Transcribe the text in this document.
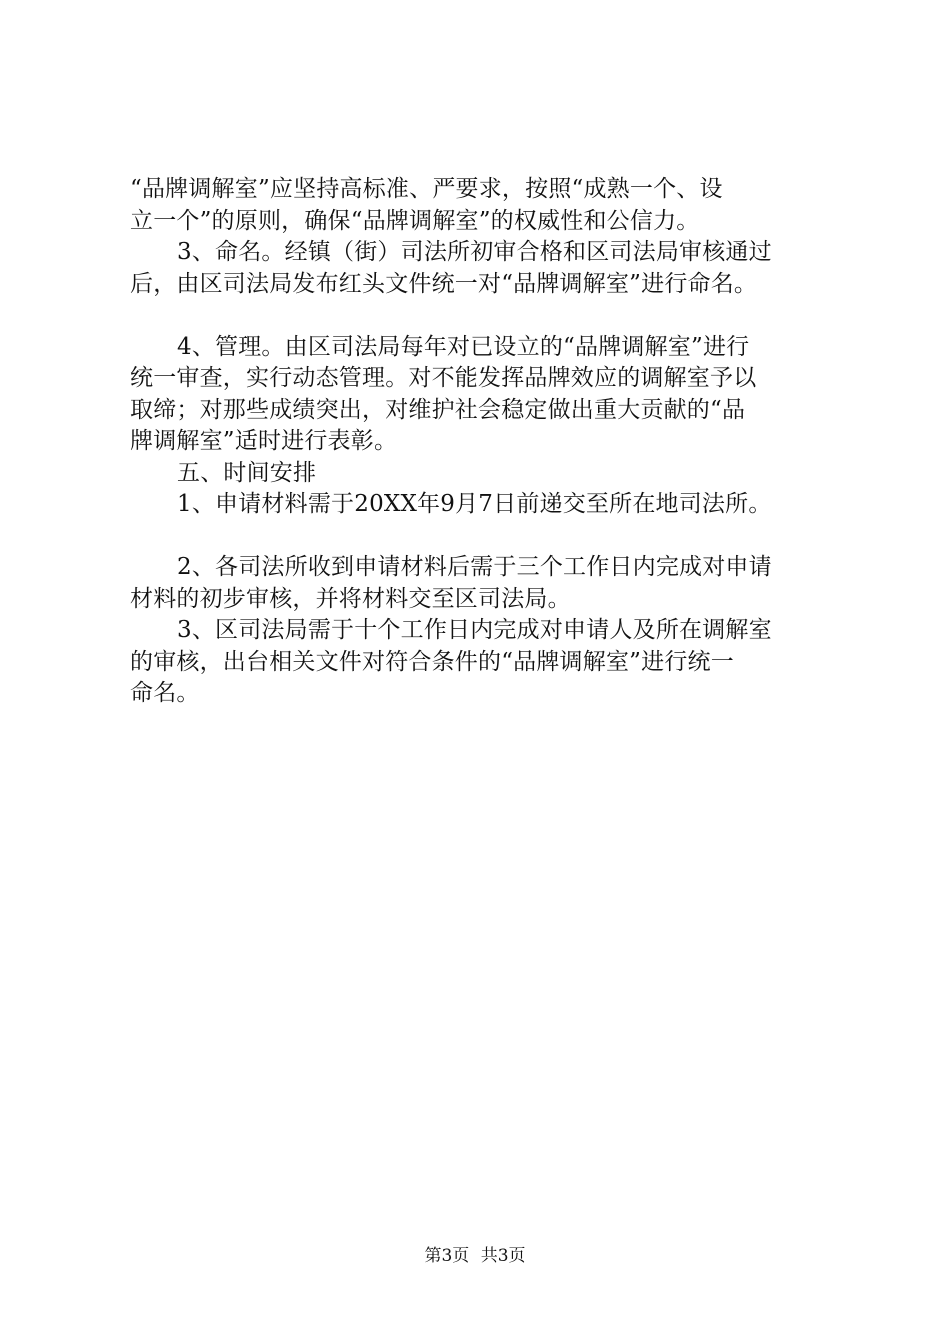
“品牌调解室”应坚持高标准、严要求，按照“成熟一个、设
立一个”的原则，确保“品牌调解室”的权威性和公信力。
3、命名。经镇（街）司法所初审合格和区司法局审核通过
后，由区司法局发布红头文件统一对“品牌调解室”进行命名。
4、管理。由区司法局每年对已设立的“品牌调解室”进行
统一审查，实行动态管理。对不能发挥品牌效应的调解室予以
取缔；对那些成绩突出，对维护社会稳定做出重大贡献的“品
牌调解室”适时进行表彰。
五、时间安排
1、申请材料需于20XX年9月7日前递交至所在地司法所。
2、各司法所收到申请材料后需于三个工作日内完成对申请
材料的初步审核，并将材料交至区司法局。
3、区司法局需于十个工作日内完成对申请人及所在调解室
的审核，出台相关文件对符合条件的“品牌调解室”进行统一
命名。
第3页 共3页
